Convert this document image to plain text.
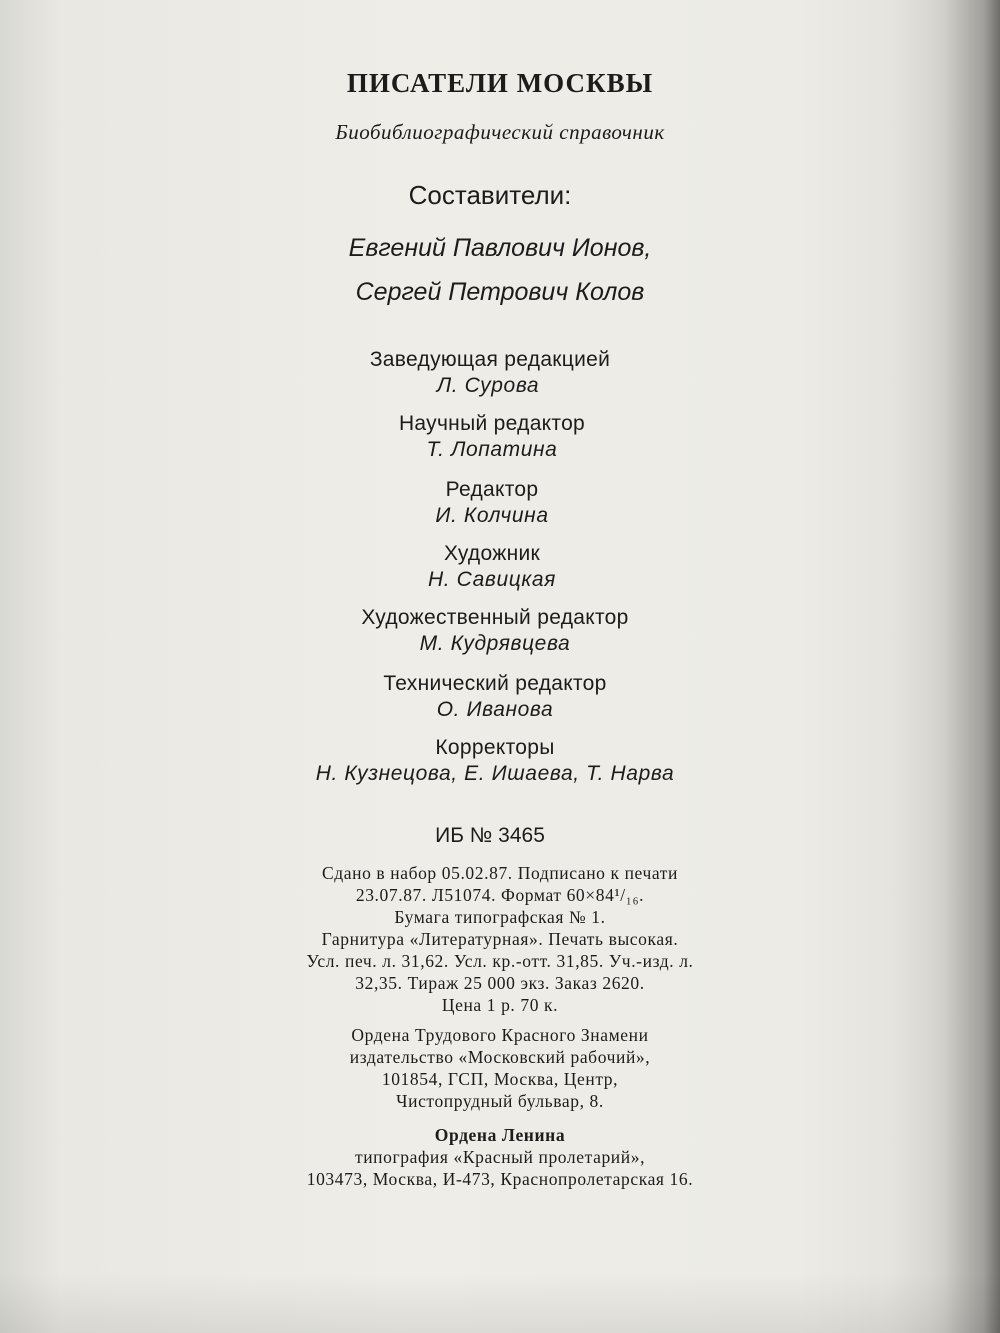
ПИСАТЕЛИ МОСКВЫ
Биобиблиографический справочник
Составители:
Евгений Павлович Ионов,
Сергей Петрович Колов
Заведующая редакцией
Л. Сурова
Научный редактор
Т. Лопатина
Редактор
И. Колчина
Художник
Н. Савицкая
Художественный редактор
М. Кудрявцева
Технический редактор
О. Иванова
Корректоры
Н. Кузнецова, Е. Ишаева, Т. Нарва
ИБ № 3465
Сдано в набор 05.02.87. Подписано к печати
23.07.87. Л51074. Формат 60×84¹/₁₆.
Бумага типографская № 1.
Гарнитура «Литературная». Печать высокая.
Усл. печ. л. 31,62. Усл. кр.-отт. 31,85. Уч.-изд. л.
32,35. Тираж 25 000 экз. Заказ 2620.
Цена 1 р. 70 к.
Ордена Трудового Красного Знамени
издательство «Московский рабочий»,
101854, ГСП, Москва, Центр,
Чистопрудный бульвар, 8.
Ордена Ленина
типография «Красный пролетарий»,
103473, Москва, И-473, Краснопролетарская 16.
